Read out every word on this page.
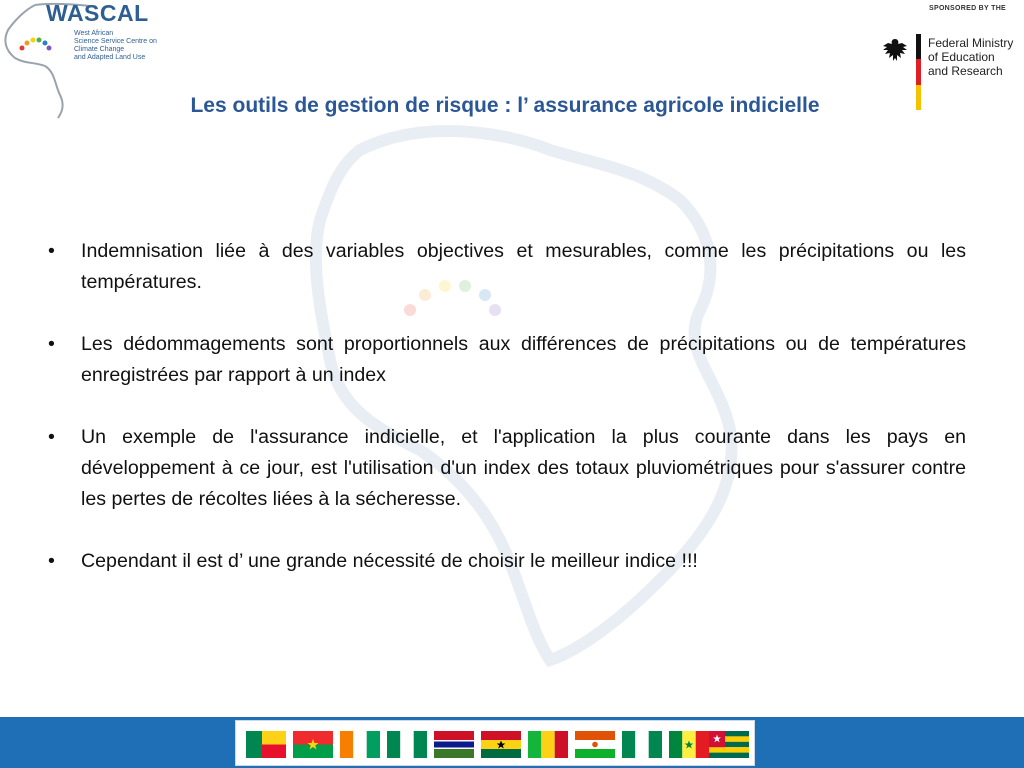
WASCAL
West African
Science Service Centre on
Climate Change
and Adapted Land Use
SPONSORED BY THE
Federal Ministry
of Education
and Research
Les outils de gestion de risque : l’ assurance agricole indicielle
•	Indemnisation liée à des variables objectives et mesurables, comme les précipitations ou les températures.
•	Les dédommagements sont proportionnels aux différences de précipitations ou de températures enregistrées par rapport à un index
•	Un exemple de l'assurance indicielle, et l'application la plus courante dans les pays en développement à ce jour, est l'utilisation d'un index des totaux pluviométriques pour s'assurer contre les pertes de récoltes liées à la sécheresse.
•	Cependant il est d’ une grande nécessité de choisir le meilleur indice !!!
